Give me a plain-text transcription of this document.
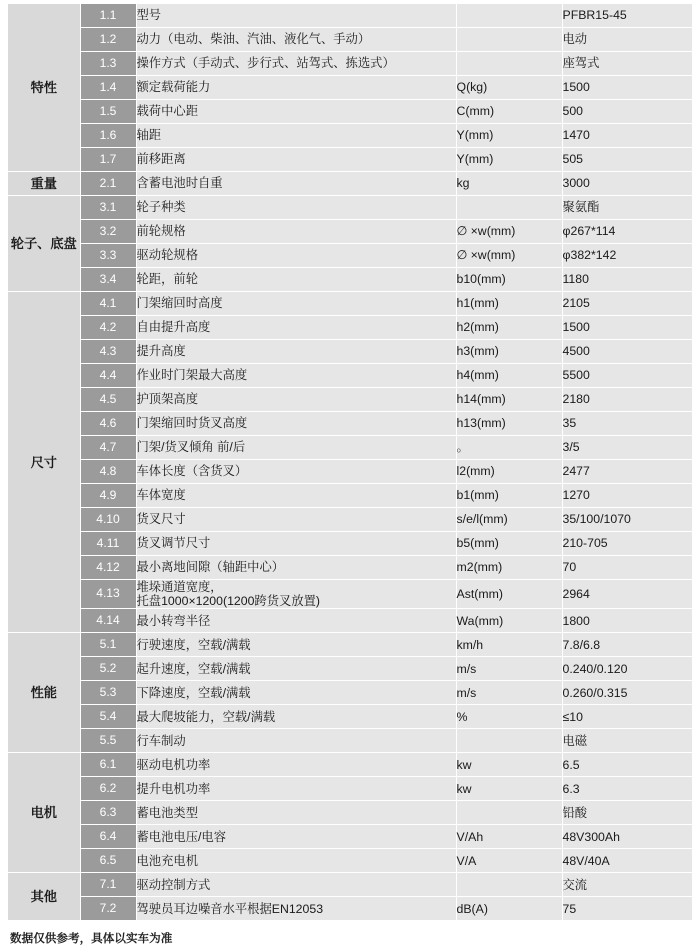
特性	1.1	型号		PFBR15-45
	1.2	动力（电动、柴油、汽油、液化气、手动）		电动
	1.3	操作方式（手动式、步行式、站驾式、拣选式）		座驾式
	1.4	额定载荷能力	Q(kg)	1500
	1.5	载荷中心距	C(mm)	500
	1.6	轴距	Y(mm)	1470
	1.7	前移距离	Y(mm)	505
重量	2.1	含蓄电池时自重	kg	3000
轮子、底盘	3.1	轮子种类		聚氨酯
	3.2	前轮规格	∅ ×w(mm)	φ267*114
	3.3	驱动轮规格	∅ ×w(mm)	φ382*142
	3.4	轮距，前轮	b10(mm)	1180
尺寸	4.1	门架缩回时高度	h1(mm)	2105
	4.2	自由提升高度	h2(mm)	1500
	4.3	提升高度	h3(mm)	4500
	4.4	作业时门架最大高度	h4(mm)	5500
	4.5	护顶架高度	h14(mm)	2180
	4.6	门架缩回时货叉高度	h13(mm)	35
	4.7	门架/货叉倾角 前/后	。	3/5
	4.8	车体长度（含货叉）	l2(mm)	2477
	4.9	车体宽度	b1(mm)	1270
	4.10	货叉尺寸	s/e/l(mm)	35/100/1070
	4.11	货叉调节尺寸	b5(mm)	210-705
	4.12	最小离地间隙（轴距中心）	m2(mm)	70
	4.13	堆垛通道宽度，
托盘1000×1200(1200跨货叉放置)	Ast(mm)	2964
	4.14	最小转弯半径	Wa(mm)	1800
性能	5.1	行驶速度，空载/满载	km/h	7.8/6.8
	5.2	起升速度，空载/满载	m/s	0.240/0.120
	5.3	下降速度，空载/满载	m/s	0.260/0.315
	5.4	最大爬坡能力，空载/满载	%	≤10
	5.5	行车制动		电磁
电机	6.1	驱动电机功率	kw	6.5
	6.2	提升电机功率	kw	6.3
	6.3	蓄电池类型		铅酸
	6.4	蓄电池电压/电容	V/Ah	48V300Ah
	6.5	电池充电机	V/A	48V/40A
其他	7.1	驱动控制方式		交流
	7.2	驾驶员耳边噪音水平根据EN12053	dB(A)	75
数据仅供参考，具体以实车为准
